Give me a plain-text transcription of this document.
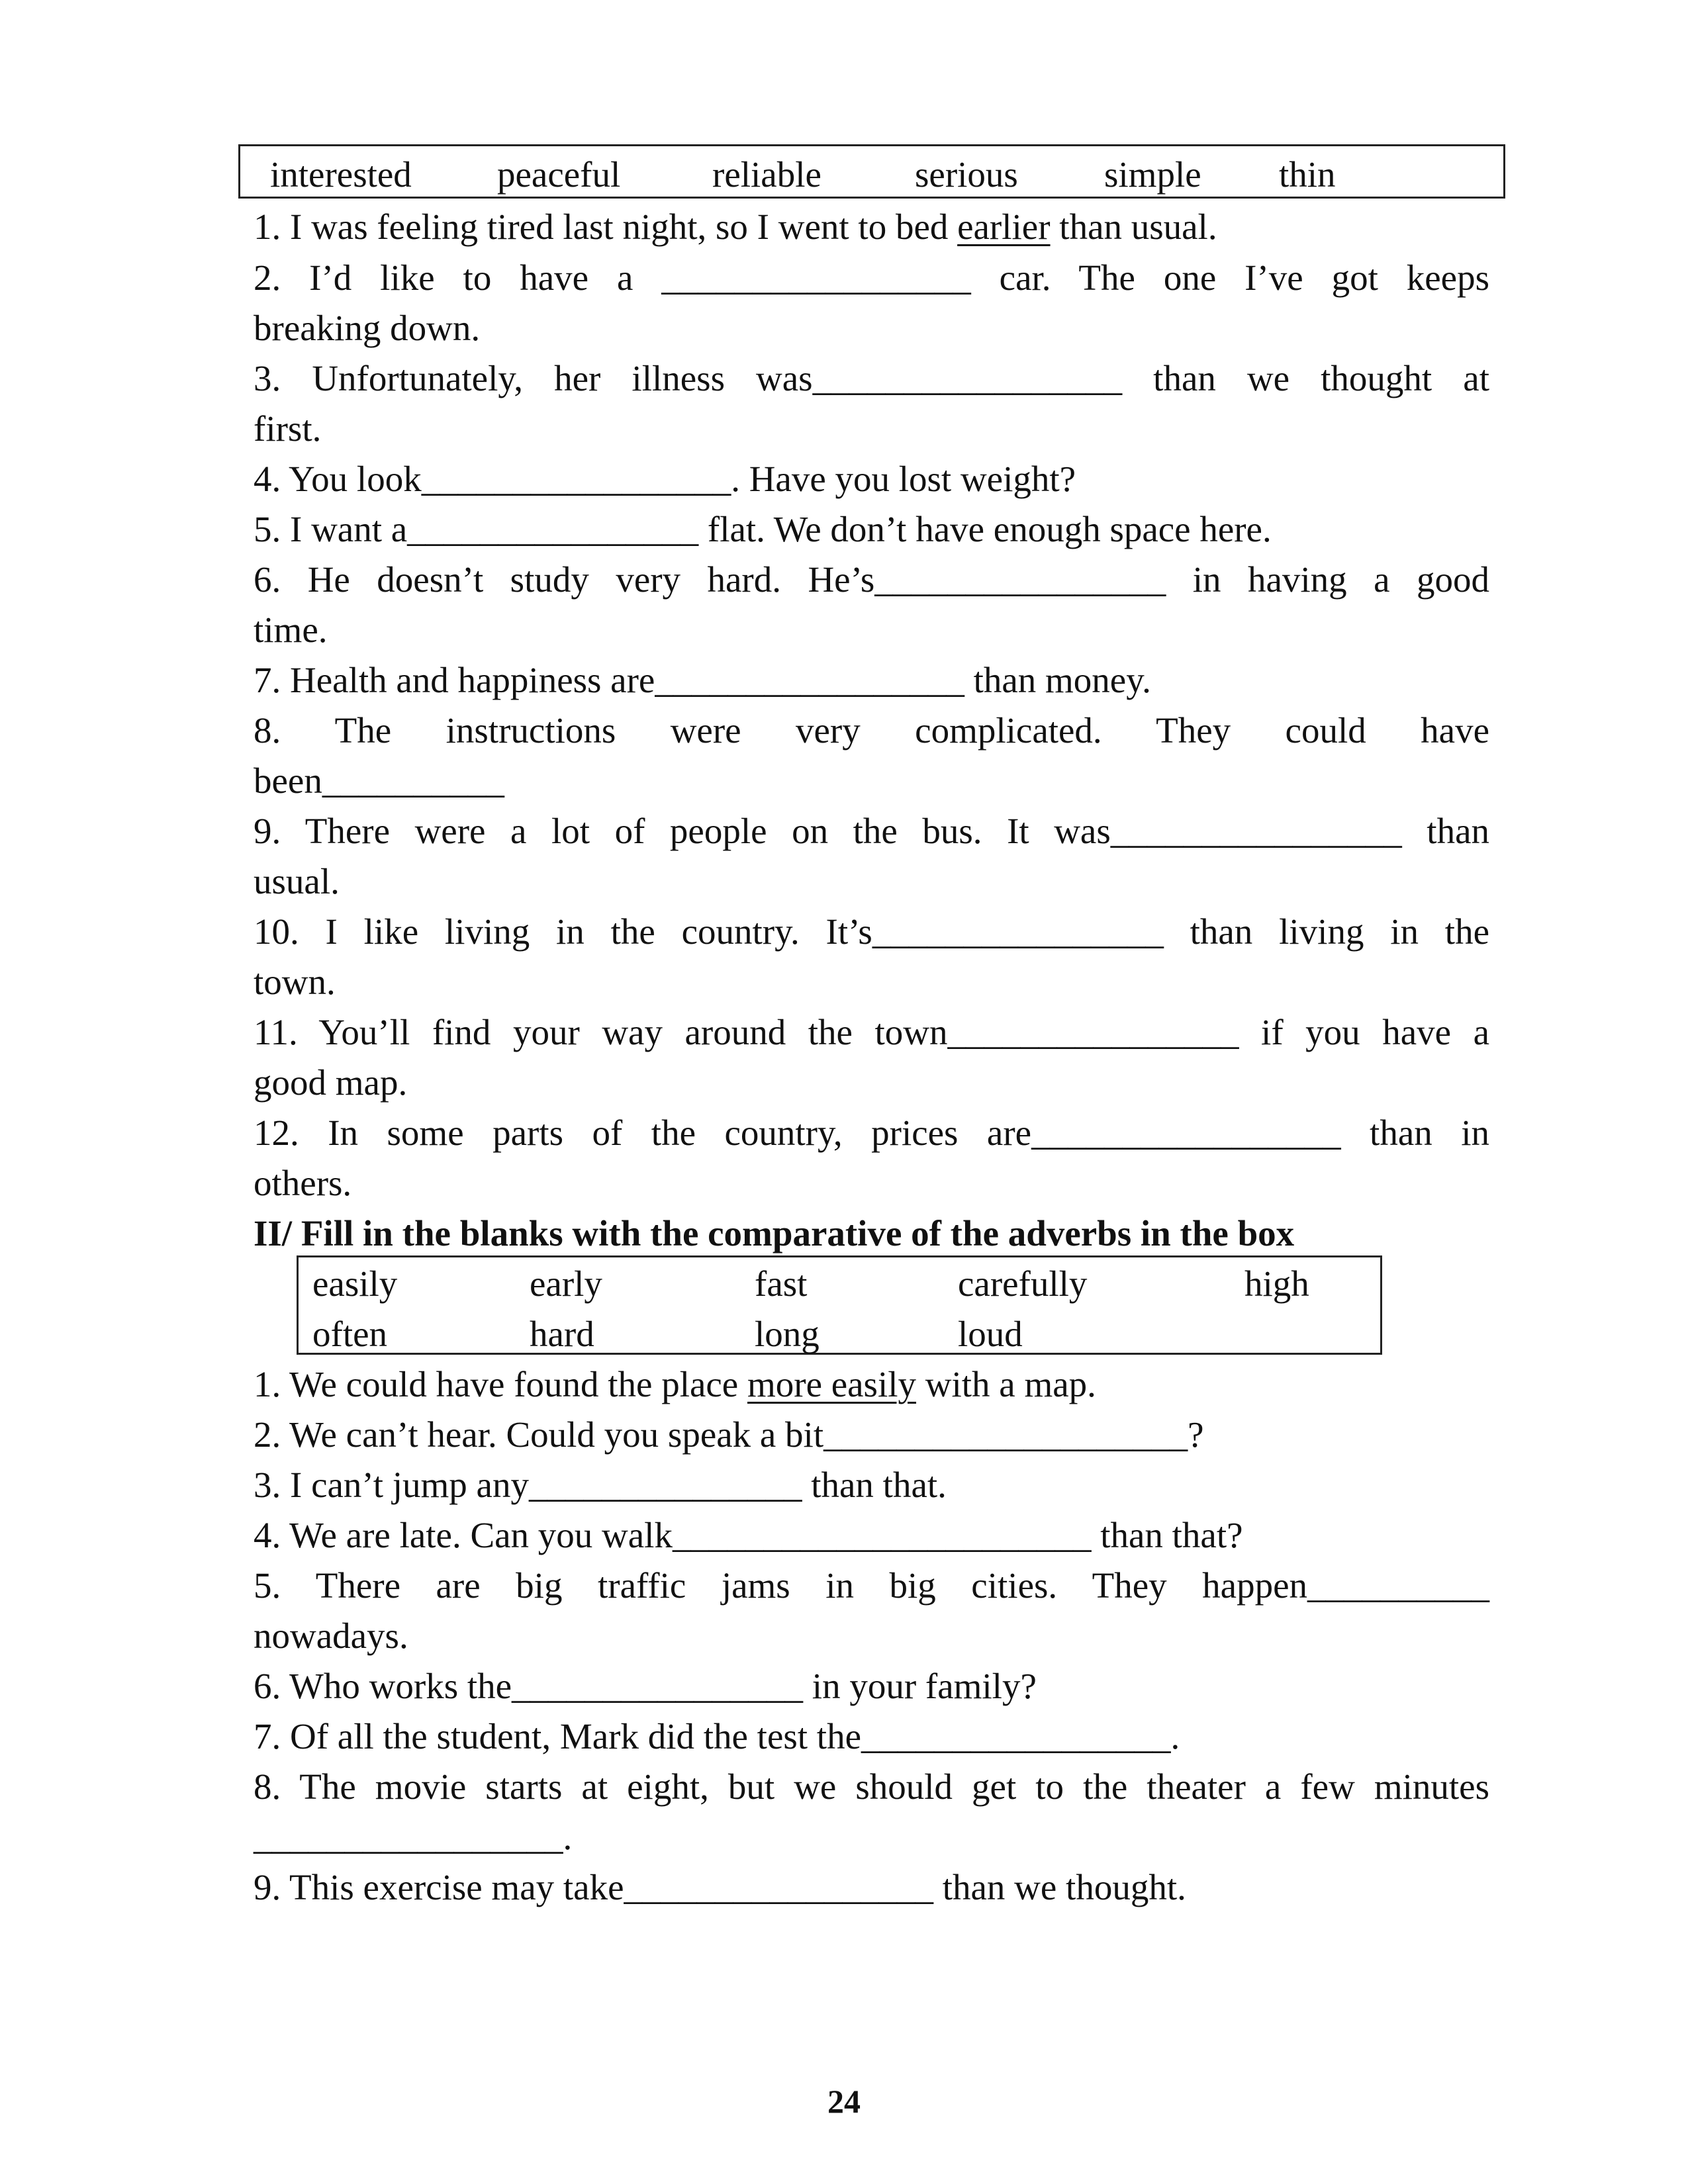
interested peaceful	reliable	serious simple thin
1. I was feeling tired last night, so I went to bed earlier than usual.
2. I’d like to have a _________________ car. The one I’ve got keeps
breaking down.
3. Unfortunately, her illness was_________________ than we thought at
first.
4. You look_________________. Have you lost weight?
5. I want a________________ flat. We don’t have enough space here.
6. He doesn’t study very hard. He’s________________ in having a good
time.
7. Health and happiness are_________________ than money.
8. The instructions were very complicated. They could have
been__________
9. There were a lot of people on the bus. It was________________ than
usual.
10. I like living in the country. It’s________________ than living in the
town.
11. You’ll find your way around the town________________ if you have a
good map.
12. In some parts of the country, prices are_________________ than in
others.
II/ Fill in the blanks with the comparative of the adverbs in the box
easily	early	fast	carefully	high
often	hard	long	loud
1. We could have found the place more easily with a map.
2. We can’t hear. Could you speak a bit____________________?
3. I can’t jump any_______________ than that.
4. We are late. Can you walk_______________________ than that?
5. There are big traffic jams in big cities. They happen__________
nowadays.
6. Who works the________________ in your family?
7. Of all the student, Mark did the test the_________________.
8. The movie starts at eight, but we should get to the theater a few minutes
_________________.
9. This exercise may take_________________ than we thought.
24
